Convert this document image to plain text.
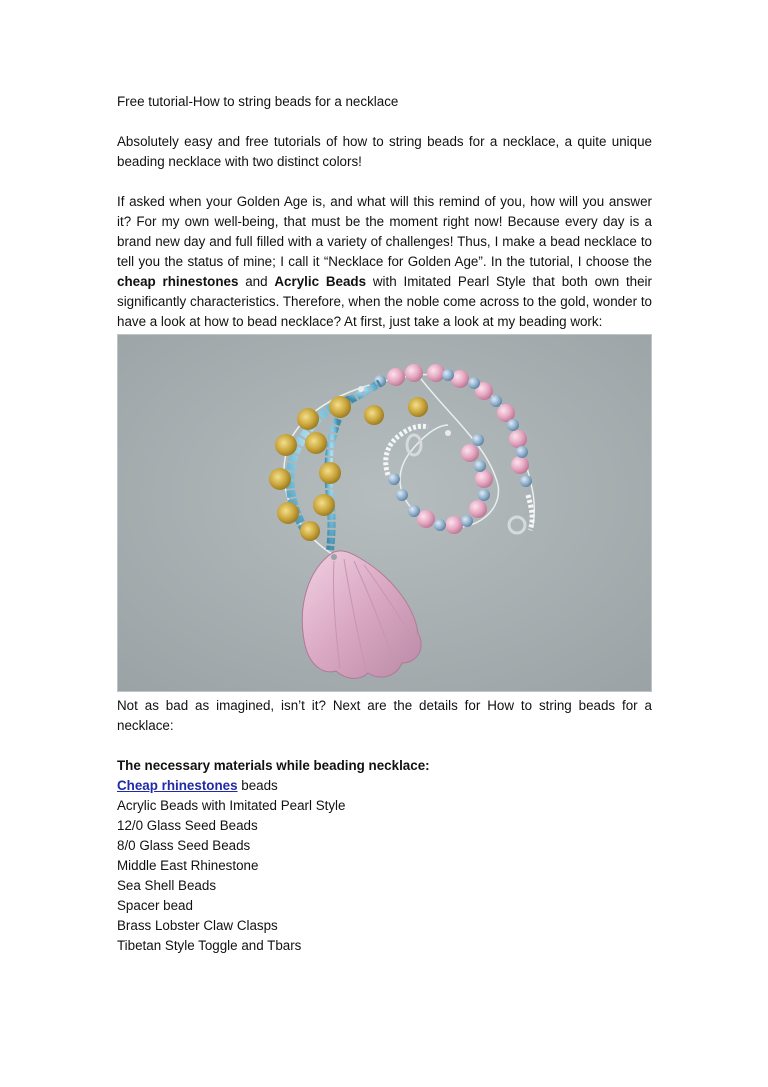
Free tutorial-How to string beads for a necklace

Absolutely easy and free tutorials of how to string beads for a necklace, a quite unique beading necklace with two distinct colors!

If asked when your Golden Age is, and what will this remind of you, how will you answer it? For my own well-being, that must be the moment right now! Because every day is a brand new day and full filled with a variety of challenges! Thus, I make a bead necklace to tell you the status of mine; I call it “Necklace for Golden Age”. In the tutorial, I choose the cheap rhinestones and Acrylic Beads with Imitated Pearl Style that both own their significantly characteristics. Therefore, when the noble come across to the gold, wonder to have a look at how to bead necklace? At first, just take a look at my beading work:

Not as bad as imagined, isn’t it? Next are the details for How to string beads for a necklace:

The necessary materials while beading necklace:

Cheap rhinestones beads
Acrylic Beads with Imitated Pearl Style
12/0 Glass Seed Beads
8/0 Glass Seed Beads
Middle East Rhinestone
Sea Shell Beads
Spacer bead
Brass Lobster Claw Clasps
Tibetan Style Toggle and Tbars
